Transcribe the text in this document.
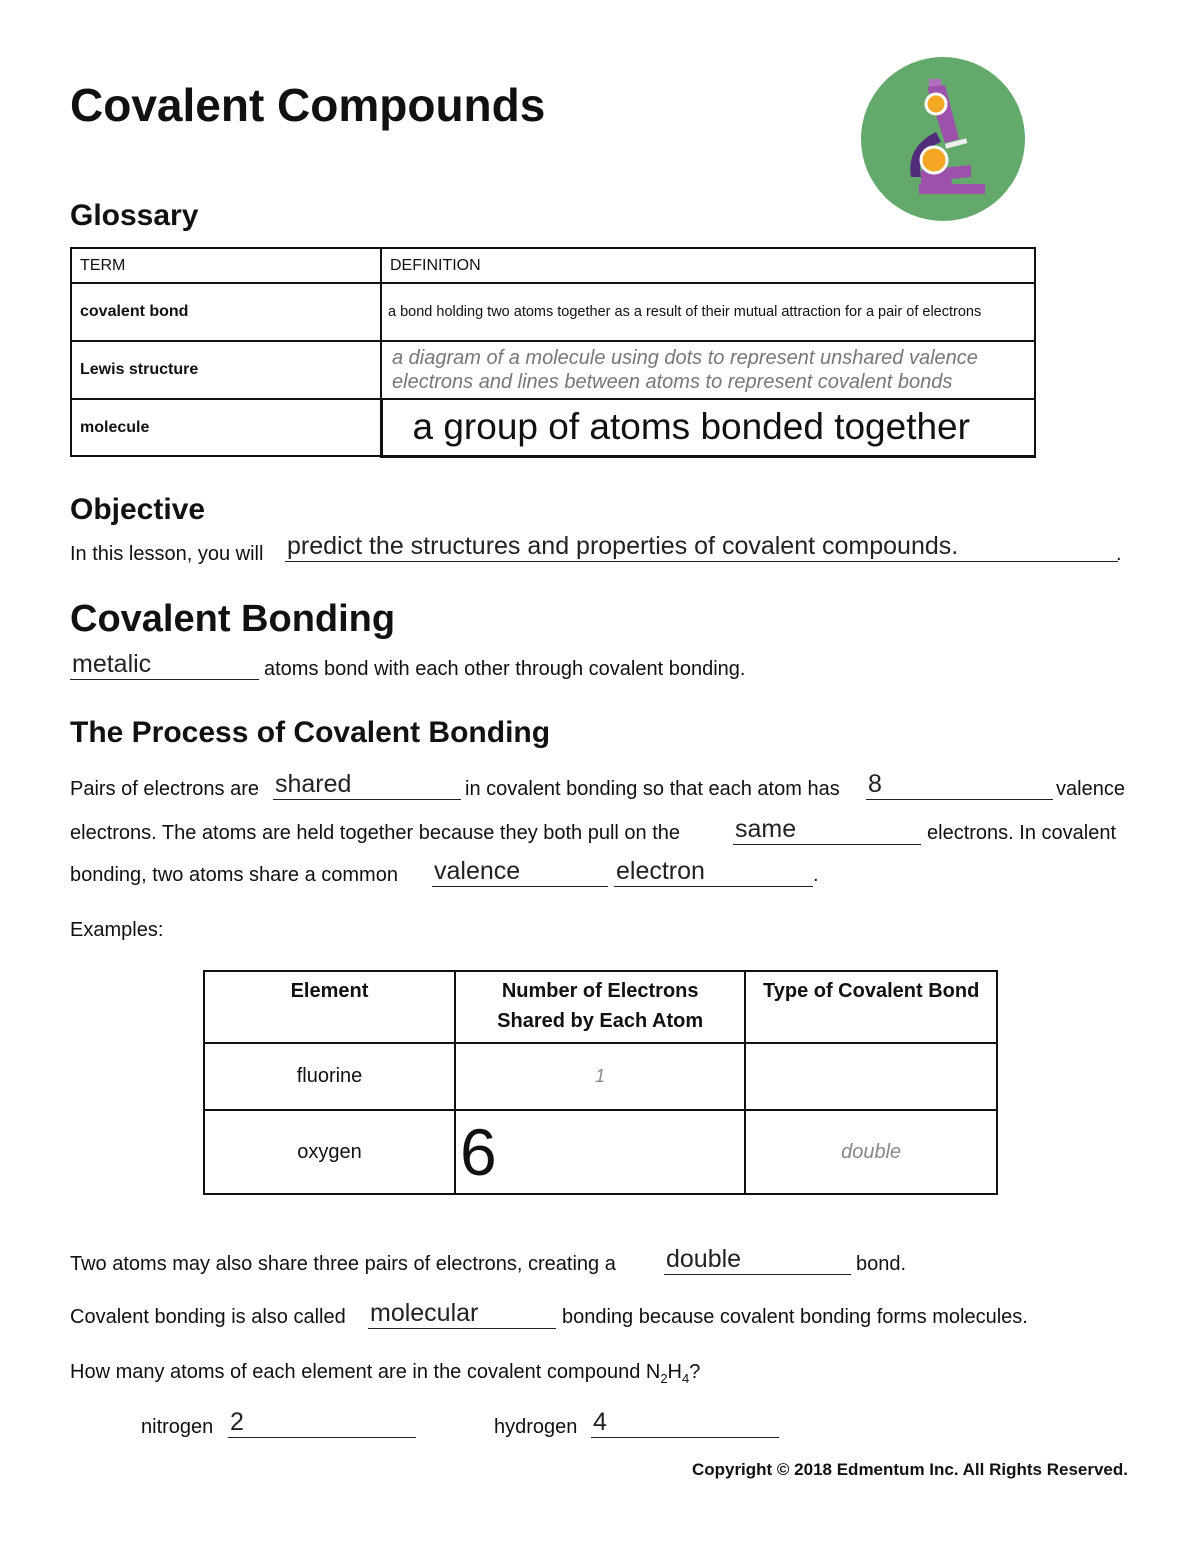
Covalent Compounds
Glossary
TERM	DEFINITION
covalent bond	a bond holding two atoms together as a result of their mutual attraction for a pair of electrons
Lewis structure	a diagram of a molecule using dots to represent unshared valence electrons and lines between atoms to represent covalent bonds
molecule	a group of atoms bonded together
Objective
In this lesson, you will
predict the structures and properties of covalent compounds.	.
Covalent Bonding
metalic
atoms bond with each other through covalent bonding.
The Process of Covalent Bonding
Pairs of electrons are
shared	in covalent bonding so that each atom has
8	valence
electrons. The atoms are held together because they both pull on the
same	electrons. In covalent
bonding, two atoms share a common
valence
electron	.
Examples:
Element	Number of Electrons Shared by Each Atom	Type of Covalent Bond
fluorine	1	
oxygen	6	double
Two atoms may also share three pairs of electrons, creating a
double	bond.
Covalent bonding is also called
molecular	bonding because covalent bonding forms molecules.
How many atoms of each element are in the covalent compound $N_2H_4$?
nitrogen
2	hydrogen
4
Copyright © 2018 Edmentum Inc. All Rights Reserved.
